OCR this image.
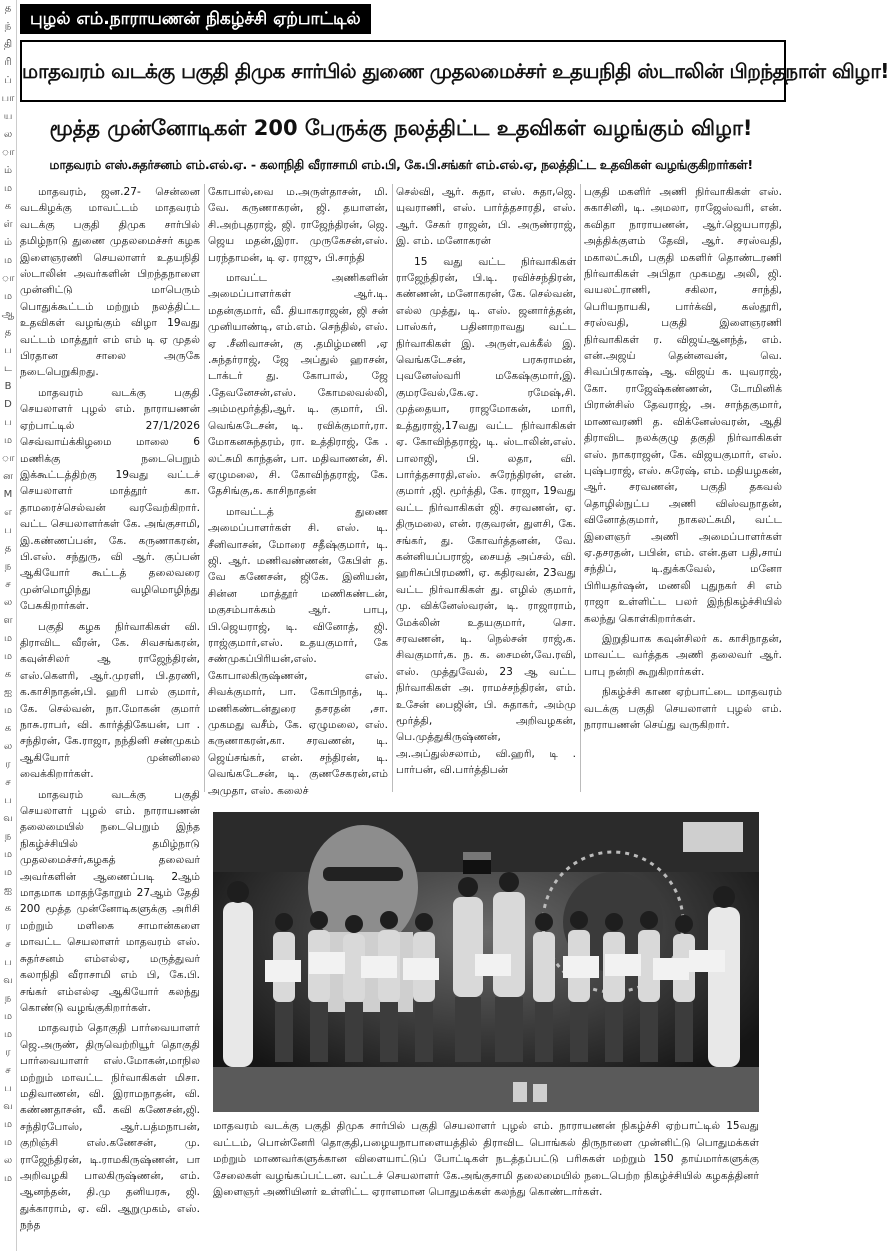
த
ந்
தி
ரி
ப்
பா
ய
ல
ா
ம்
ம
க
ள்
ம்
ம
ா
ம
ஆ
த
ப
ட
B
D
ப
ம
ா
ன
M
எ
ப
த
ந
ச
ல
ள
ம
ம
க
ஐ
ம
க
ல
ர
ச
ப
வ
ந
ம
ம
ஐ
க
ர
ச
ப
வ
ந
ம
ம
ர
ச
ப
வ
ம
ம
ல
ம
புழல் எம்.நாராயணன் நிகழ்ச்சி ஏற்பாட்டில்
மாதவரம் வடக்கு பகுதி திமுக சார்பில் துணை முதலமைச்சர் உதயநிதி ஸ்டாலின் பிறந்தநாள் விழா!
மூத்த முன்னோடிகள் 200 பேருக்கு நலத்திட்ட உதவிகள் வழங்கும் விழா!
மாதவரம் எஸ்.சுதர்சனம் எம்.எல்.ஏ. - கலாநிதி வீராசாமி எம்.பி, கே.பி.சங்கர் எம்.எல்.ஏ, நலத்திட்ட உதவிகள் வழங்குகிறார்கள்!

மாதவரம், ஜன.27- சென்னை வடகிழக்கு மாவட்டம் மாதவரம் வடக்கு பகுதி திமுக சார்பில் தமிழ்நாடு துணை முதலமைச்சர் கழக இளைஞரணி செயலாளர் உதயநிதி ஸ்டாலின் அவர்களின் பிறந்தநாளை முன்னிட்டு மாபெரும் பொதுக்கூட்டம் மற்றும் நலத்திட்ட உதவிகள் வழங்கும் விழா 19வது வட்டம் மாத்தூர் எம் எம் டி ஏ முதல் பிரதான சாலை அருகே நடைபெறுகிறது.

மாதவரம் வடக்கு பகுதி செயலாளர் புழல் எம். நாராயணன் ஏற்பாட்டில் 27/1/2026 செவ்வாய்க்கிழமை மாலை 6 மணிக்கு நடைபெறும் இக்கூட்டத்திற்கு 19வது வட்டச் செயலாளர் மாத்தூர் கா. தாமரைச்செல்வன் வரவேற்கிறார். வட்ட செயலாளர்கள் கே. அங்குசாமி, இ.கண்ணப்பன், கே. கருணாகரன், பி.எஸ். சந்துரு, வி ஆர். குப்பன் ஆகியோர் கூட்டத் தலைவரை முன்மொழிந்து வழிமொழிந்து பேசுகிறார்கள்.

பகுதி கழக நிர்வாகிகள் வி. திராவிட வீரன், கே. சிவசங்கரன், கவுன்சிலர் ஆ ராஜேந்திரன், எஸ்.கௌரி, ஆர்.முரளி, பி.தரணி, க.காசிநாதன்,பி. ஹரி பால் குமார், கே. செல்வன், நா.மோகன் குமார் நாசு.ராபர், வி. கார்த்திகேயன், பா . சந்திரன், கே.ராஜா, நந்தினி சண்முகம் ஆகியோர் முன்னிலை வைக்கிறார்கள்.

மாதவரம் வடக்கு பகுதி செயலாளர் புழல் எம். நாராயணன் தலைமையில் நடைபெறும் இந்த நிகழ்ச்சியில் தமிழ்நாடு முதலமைச்சர்,கழகத் தலைவர் அவர்களின் ஆணைப்படி 2ஆம் மாதமாக மாதந்தோறும் 27ஆம் தேதி 200 மூத்த முன்னோடிகளுக்கு அரிசி மற்றும் மளிகை சாமான்களை மாவட்ட செயலாளர் மாதவரம் எஸ். சுதர்சனம் எம்எல்ஏ, மருத்துவர் கலாநிதி வீராசாமி எம் பி, கே.பி. சங்கர் எம்எல்ஏ ஆகியோர் கலந்து கொண்டு வழங்குகிறார்கள்.

மாதவரம் தொகுதி பார்வையாளர் ஜெ.அருண், திருவெற்றியூர் தொகுதி பார்வையாளர் எஸ்.மோகன்,மாநில மற்றும் மாவட்ட நிர்வாகிகள் மிசா. மதிவாணன், வி. இராமநாதன், வி. கண்ணதாசன், வீ. கவி கணேசன்,ஜி. சந்திரபோஸ், ஆர்.பத்மநாபன், குறிஞ்சி எஸ்.கணேசன், மு. ராஜேந்திரன், டி.ராமகிருஷ்ணன், பா அறிவழகி பாலகிருஷ்ணன், எம். ஆனந்தன், தி.மு தனியரசு, ஜி. துக்காராம், ஏ. வி. ஆறுமுகம், எஸ். நந்த

கோபால்,வை ம.அருள்தாசன், மி. வே. கருணாகரன், ஜி. தயாளன், சி.அற்புதராஜ், ஜி. ராஜேந்திரன், ஜெ. ஜெய மதன்,இரா. முருகேசன்,எஸ். பரந்தாமன், டி ஏ. ராஜு, பி.சாந்தி

மாவட்ட அணிகளின் அமைப்பாளர்கள் ஆர்.டி. மதன்குமார், வீ. தியாகராஜன், ஜி சன் முனியாண்டி, எம்.எம். செந்தில், எஸ். ஏ .சீனிவாசன், கு .தமிழ்மணி ,ஏ .சுந்தர்ராஜ், ஜே அப்துல் ஹாசன், டாக்டர் து. கோபால், ஜே .தேவனேசன்,எஸ். கோமலவல்லி, அம்மமூர்த்தி,ஆர். டி. குமார், பி. வெங்கடேசன், டி. ரவிக்குமார்,ரா. மோகனசுந்தரம், ரா. உத்திராஜ், கே . லட்சுமி காந்தன், பா. மதிவாணன், சி. ஏழுமலை, சி. கோவிந்தராஜ், கே. தேசிங்கு,க. காசிநாதன்

மாவட்டத் துணை அமைப்பாளர்கள் சி. எஸ். டி. சீனிவாசன், மோரை சதீஷ்குமார், டி. ஜி. ஆர். மணிவண்ணன், கேபிள் த. வே கணேசன், ஜிகே. இனியன், சின்ன மாத்தூர் மணிகண்டன், மகுசம்பாக்கம் ஆர். பாபு, பி.ஜெயராஜ், டி. வினோத், ஜி. ராஜ்குமார்,எஸ். உதயகுமார், கே சண்முகப்பிரியன்,எஸ். கோபாலகிருஷ்ணன், எஸ். சிவக்குமார், பா. கோபிநாத், டி. மணிகண்டன்துரை தசரதன் ,சா. முகமது வசீம், கே. ஏழுமலை, எஸ். கருணாகரன்,கா. சரவணன், டி. ஜெய்சங்கர், என். சந்திரன், டி. வெங்கடேசன், டி. குணசேகரன்,எம் அமுதா, எஸ். கலைச்

செல்வி, ஆர். சுதா, எஸ். சுதா,ஜெ. யுவராணி, எஸ். பார்த்தசாரதி, எஸ். ஆர். சேகர் ராஜன், பி. அருண்ராஜ், இ. எம். மனோகரன்

15 வது வட்ட நிர்வாகிகள் ராஜேந்திரன், பி.டி. ரவிச்சந்திரன், கண்ணன், மனோகரன், கே. செல்வன், எல்ல முத்து, டி. எஸ். ஜனார்த்தன், பாஸ்கர், பதினாறாவது வட்ட நிர்வாகிகள் இ. அருள்,வக்கீல் இ. வெங்கடேசன், பரசுராமன், புவனேஸ்வரி மகேஷ்குமார்,இ. குமரவேல்,கே.ஏ. ரமேஷ்,சி. முத்தையா, ராஜமோகன், மாரி, உத்துராஜ்,17வது வட்ட நிர்வாகிகள் ஏ. கோவிந்தராஜ், டி. ஸ்டாலின்,எஸ். பாலாஜி, பி. லதா, வி. பார்த்தசாரதி,எஸ். சுரேந்திரன், என். குமார் ,ஜி. மூர்த்தி, கே. ராஜா, 19வது வட்ட நிர்வாகிகள் ஜி. சரவணன், ஏ. திருமலை, என். ரகுவரன், துளசி, கே. சங்கர், து. கோவர்த்தனன், வே. கன்னியப்பராஜ், சையத் அப்சல், வி. ஹரிசுப்பிரமணி, ஏ. கதிரவன், 23வது வட்ட நிர்வாகிகள் து. எழில் குமார், மு. விக்னேஸ்வரன், டி. ராஜாராம், மேக்லின் உதயகுமார், சொ. சரவணன், டி. நெல்சன் ராஜ்,க. சிவகுமார்,க. ந. க. சைமன்,வே.ரவி, எஸ். முத்துவேல், 23 ஆ வட்ட நிர்வாகிகள் அ. ராமச்சந்திரன், எம். உசேன் பைஜின், பி. சுதாகர், அம்மு மூர்த்தி, அறிவழகன், பெ.முத்துகிருஷ்ணன், அ.அப்துல்சலாம், வி.ஹரி, டி . பார்பன், வி.பார்த்திபன்

பகுதி மகளிர் அணி நிர்வாகிகள் எஸ். சுகாசினி, டி. அமலா, ராஜேஸ்வரி, என். கவிதா நாராயணன், ஆர்.ஜெயபாரதி, அத்திக்குளம் தேவி, ஆர். சரஸ்வதி, மகாலட்சுமி, பகுதி மகளிர் தொண்டரணி நிர்வாகிகள் அபிதா முகமது அலி, ஜி. வயலட்ராணி, சகிலா, சாந்தி, பெரியநாயகி, பார்க்வி, கஸ்தூரி, சரஸ்வதி, பகுதி இளைஞரணி நிர்வாகிகள் ர. விஜய்ஆனந்த், எம். என்.அஜய் தென்னவன், வெ. சிவப்பிரகாஷ், ஆ. விஜய் க. யுவராஜ், கோ. ராஜேஷ்கண்ணன், டோமினிக் பிரான்சிஸ் தேவராஜ், அ. சாந்தகுமார், மாணவரணி த. விக்னேஸ்வரன், ஆதி திராவிட நலக்குழு தகுதி நிர்வாகிகள் எஸ். நாகராஜன், கே. விஜயகுமார், எஸ். புஷ்பராஜ், எஸ். சுரேஷ், எம். மதியழகன், ஆர். சரவணன், பகுதி தகவல் தொழில்நுட்ப அணி விஸ்வநாதன், வினோத்குமார், நாகலட்சுமி, வட்ட இளைஞர் அணி அமைப்பாளர்கள் ஏ.தசரதன், பபின், எம். என்.தள பதி,சாய் சந்திப், டி.துக்கவேல், மனோ பிரியதர்ஷன், மணலி புதுநகர் சி எம் ராஜா உள்ளிட்ட பலர் இந்நிகழ்ச்சியில் கலந்து கொள்கிறார்கள்.

இறுதியாக கவுன்சிலர் க. காசிநாதன், மாவட்ட வர்த்தக அணி தலைவர் ஆர். பாபு நன்றி கூறுகிறார்கள்.

நிகழ்ச்சி காண ஏற்பாட்டை மாதவரம் வடக்கு பகுதி செயலாளர் புழல் எம். நாராயணன் செய்து வருகிறார்.

மாதவரம் வடக்கு பகுதி திமுக சார்பில் பகுதி செயலாளர் புழல் எம். நாராயணன் நிகழ்ச்சி ஏற்பாட்டில் 15வது வட்டம், பொன்னேரி தொகுதி,பழையநாபாளையத்தில் திராவிட பொங்கல் திருநாளை முன்னிட்டு பொதுமக்கள் மற்றும் மாணவர்களுக்கான விளையாட்டுப் போட்டிகள் நடத்தப்பட்டு பரிசுகள் மற்றும் 150 தாய்மார்களுக்கு சேலைகள் வழங்கப்பட்டன. வட்டச் செயலாளர் கே.அங்குசாமி தலைமையில் நடைபெற்ற நிகழ்ச்சியில் கழகத்தினர் இளைஞர் அணியினர் உள்ளிட்ட ஏராளமான பொதுமக்கள் கலந்து கொண்டார்கள்.
